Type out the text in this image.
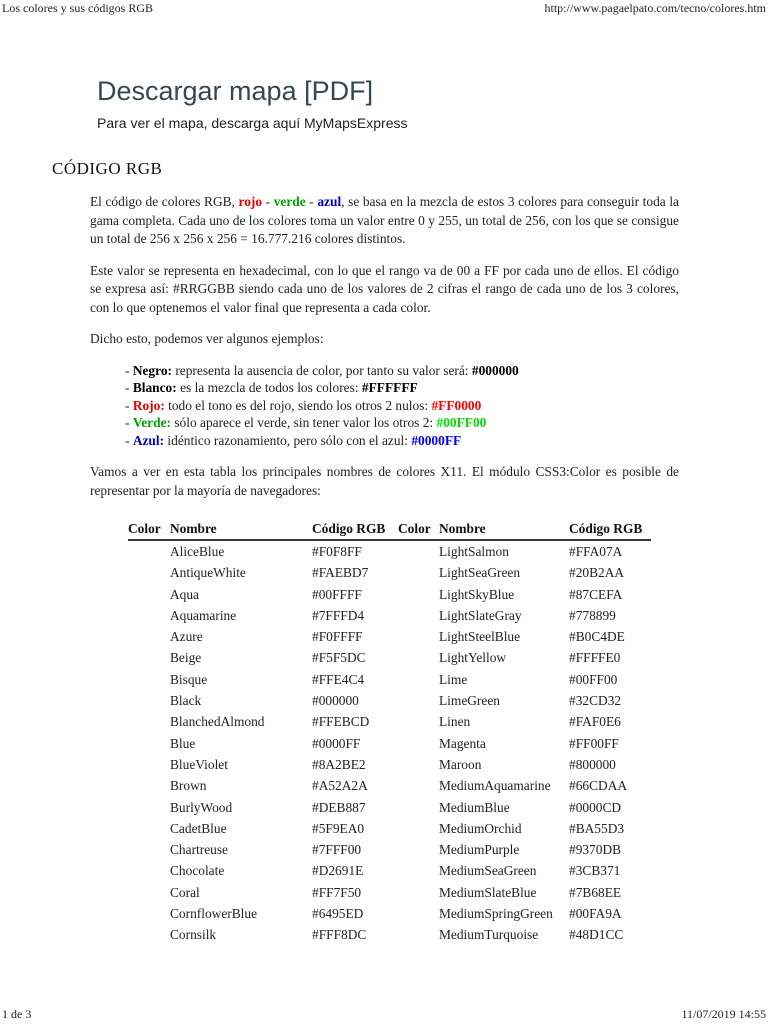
Los colores y sus códigos RGB	http://www.pagaelpato.com/tecno/colores.htm
Descargar mapa [PDF]
Para ver el mapa, descarga aquí MyMapsExpress
CÓDIGO RGB

El código de colores RGB, rojo - verde - azul, se basa en la mezcla de estos 3 colores para conseguir toda la gama completa. Cada uno de los colores toma un valor entre 0 y 255, un total de 256, con los que se consigue un total de 256 x 256 x 256 = 16.777.216 colores distintos.

Este valor se representa en hexadecimal, con lo que el rango va de 00 a FF por cada uno de ellos. El código se expresa así: #RRGGBB siendo cada uno de los valores de 2 cifras el rango de cada uno de los 3 colores, con lo que optenemos el valor final que representa a cada color.

Dicho esto, podemos ver algunos ejemplos:

- Negro: representa la ausencia de color, por tanto su valor será: #000000
- Blanco: es la mezcla de todos los colores: #FFFFFF
- Rojo: todo el tono es del rojo, siendo los otros 2 nulos: #FF0000
- Verde: sólo aparece el verde, sin tener valor los otros 2: #00FF00
- Azul: idéntico razonamiento, pero sólo con el azul: #0000FF

Vamos a ver en esta tabla los principales nombres de colores X11. El módulo CSS3:Color es posible de representar por la mayoría de navegadores:

Color	Nombre	Código RGB	Color	Nombre	Código RGB
	AliceBlue	#F0F8FF		LightSalmon	#FFA07A
	AntiqueWhite	#FAEBD7		LightSeaGreen	#20B2AA
	Aqua	#00FFFF		LightSkyBlue	#87CEFA
	Aquamarine	#7FFFD4		LightSlateGray	#778899
	Azure	#F0FFFF		LightSteelBlue	#B0C4DE
	Beige	#F5F5DC		LightYellow	#FFFFE0
	Bisque	#FFE4C4		Lime	#00FF00
	Black	#000000		LimeGreen	#32CD32
	BlanchedAlmond	#FFEBCD		Linen	#FAF0E6
	Blue	#0000FF		Magenta	#FF00FF
	BlueViolet	#8A2BE2		Maroon	#800000
	Brown	#A52A2A		MediumAquamarine	#66CDAA
	BurlyWood	#DEB887		MediumBlue	#0000CD
	CadetBlue	#5F9EA0		MediumOrchid	#BA55D3
	Chartreuse	#7FFF00		MediumPurple	#9370DB
	Chocolate	#D2691E		MediumSeaGreen	#3CB371
	Coral	#FF7F50		MediumSlateBlue	#7B68EE
	CornflowerBlue	#6495ED		MediumSpringGreen	#00FA9A
	Cornsilk	#FFF8DC		MediumTurquoise	#48D1CC
1 de 3	11/07/2019 14:55
